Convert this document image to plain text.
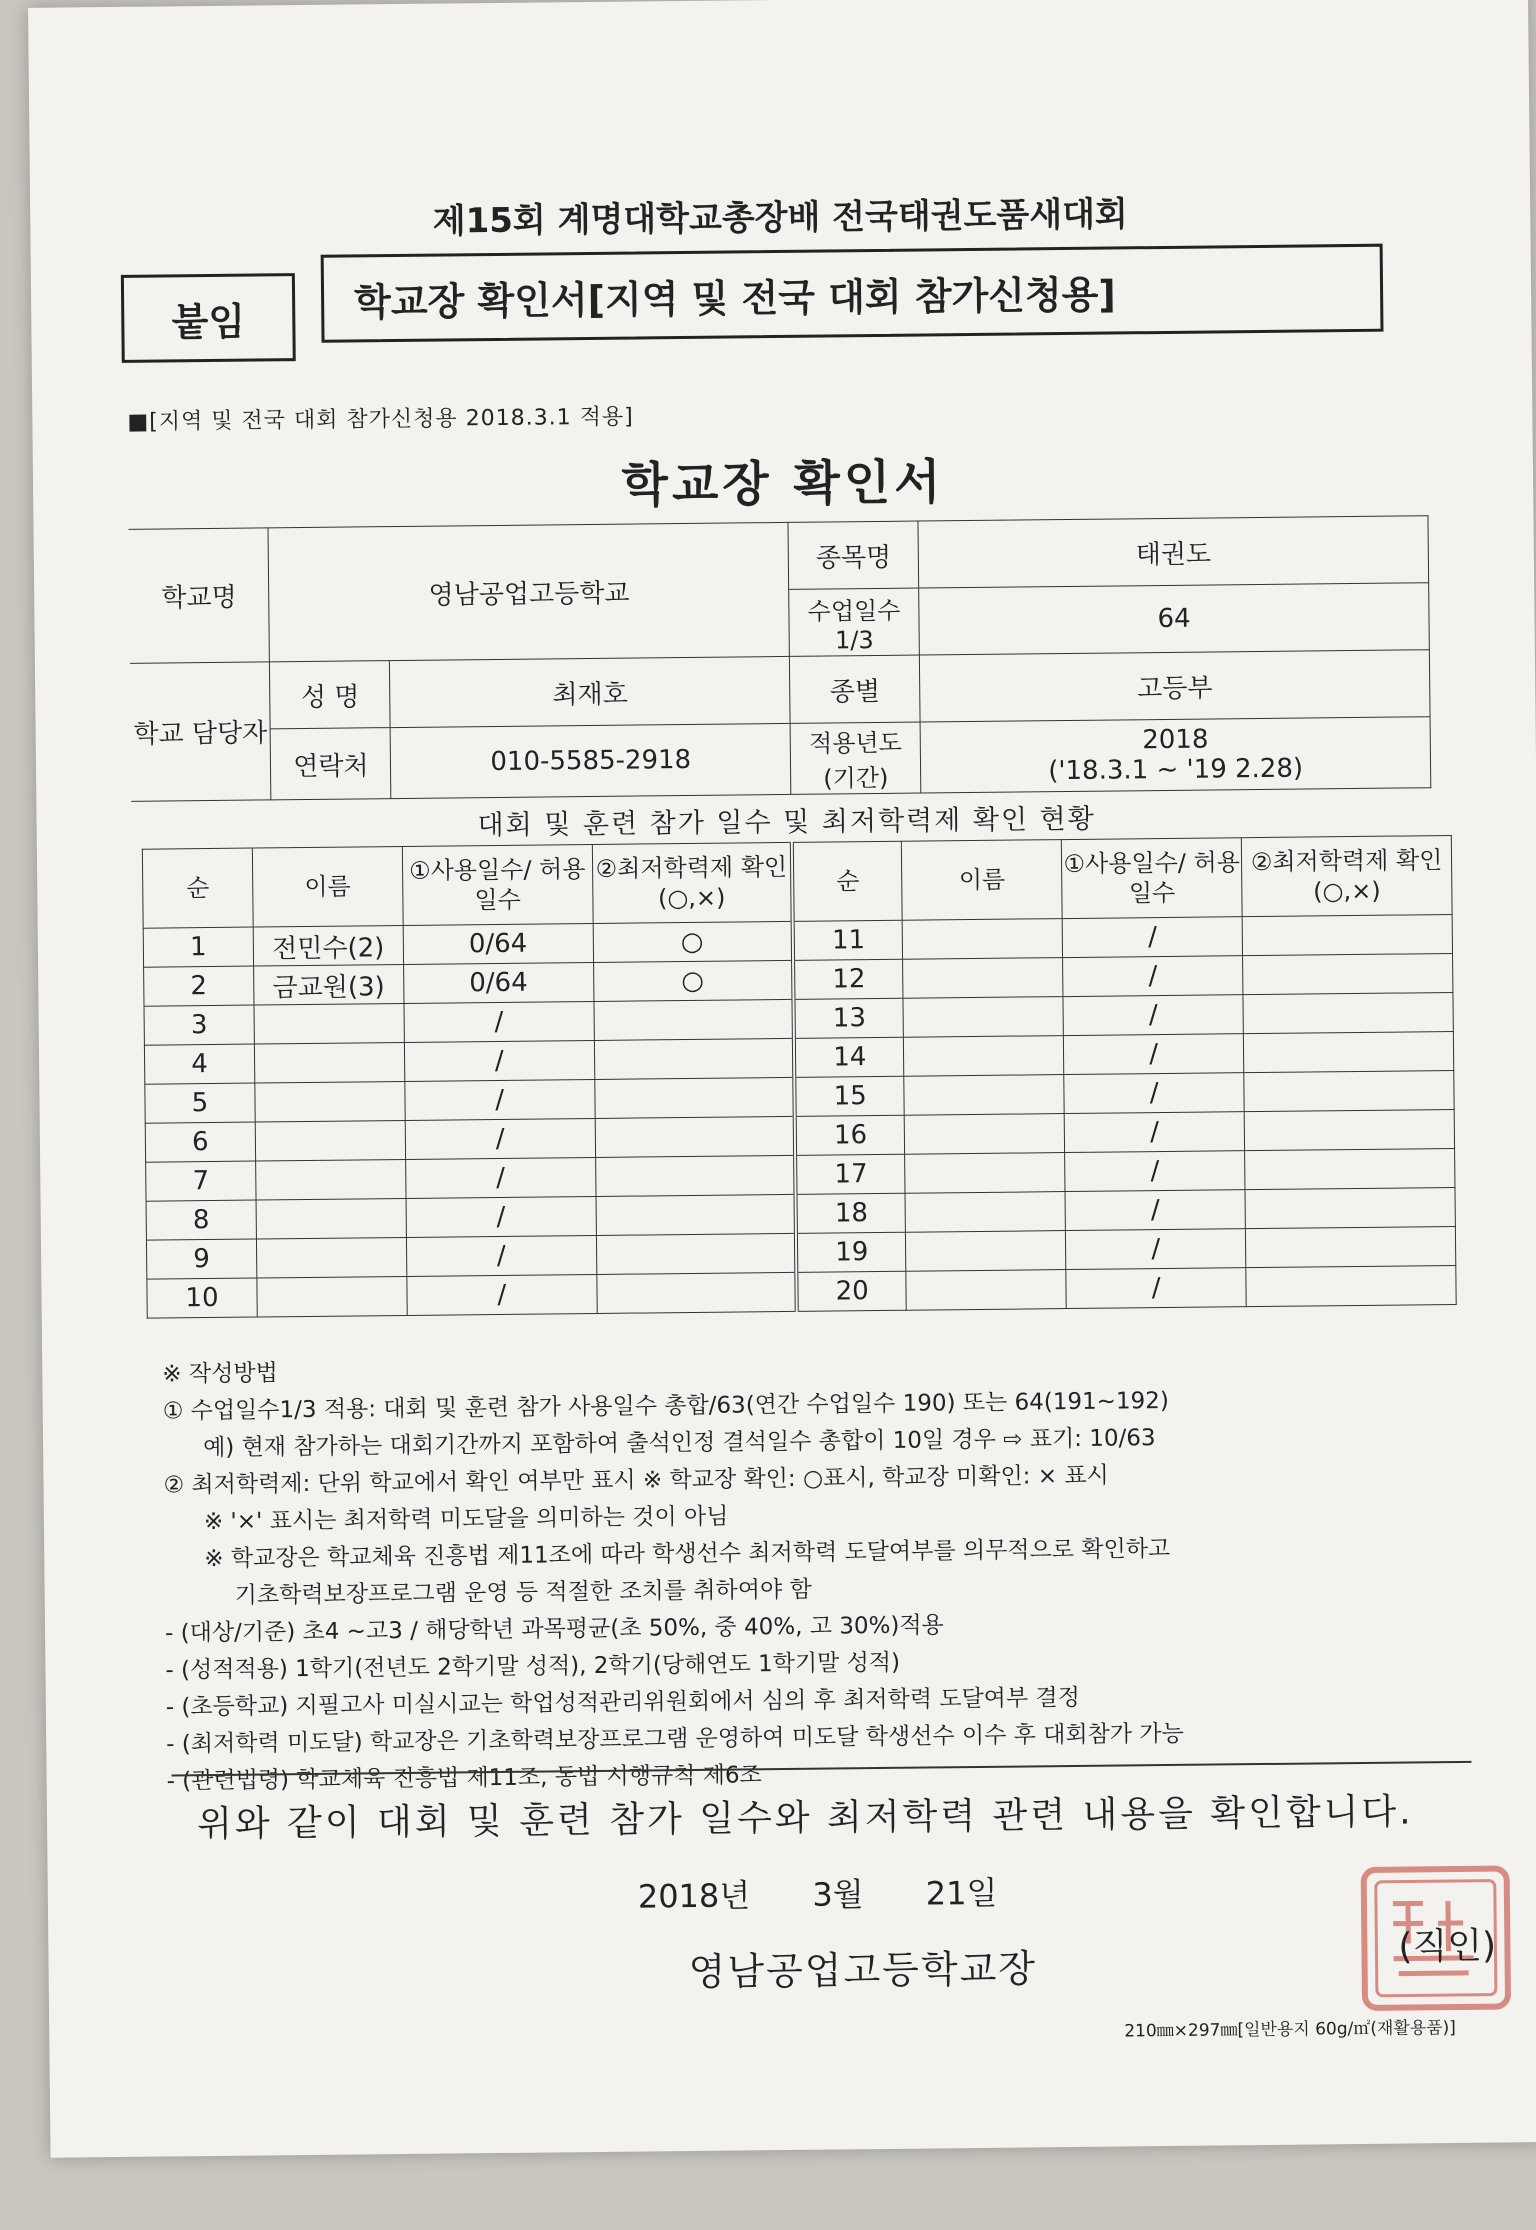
제15회 계명대학교총장배 전국태권도품새대회
붙임	학교장 확인서[지역 및 전국 대회 참가신청용]
■[지역 및 전국 대회 참가신청용 2018.3.1 적용]
학교장 확인서
학교명	영남공업고등학교		종목명	태권도
			수업일수 1/3	64
학교 담당자	성 명	최재호	종별	고등부
	연락처	010-5585-2918	적용년도 (기간)	2018
('18.3.1 ~ '19 2.28)
대회 및 훈련 참가 일수 및 최저학력제 확인 현황
순	이름	①사용일수/ 허용일수	②최저학력제 확인(○,×)	순	이름	①사용일수/ 허용일수	②최저학력제 확인(○,×)
1	전민수(2)	0/64	○	11		/	
2	금교원(3)	0/64	○	12		/	
3		/		13		/	
4		/		14		/	
5		/		15		/	
6		/		16		/	
7		/		17		/	
8		/		18		/	
9		/		19		/	
10		/		20		/	

※ 작성방법

① 수업일수1/3 적용: 대회 및 훈련 참가 사용일수 총합/63(연간 수업일수 190) 또는 64(191~192)

예) 현재 참가하는 대회기간까지 포함하여 출석인정 결석일수 총합이 10일 경우 ⇨ 표기: 10/63

② 최저학력제: 단위 학교에서 확인 여부만 표시 ※ 학교장 확인: ○표시, 학교장 미확인: × 표시

※ '×' 표시는 최저학력 미도달을 의미하는 것이 아님

※ 학교장은 학교체육 진흥법 제11조에 따라 학생선수 최저학력 도달여부를 의무적으로 확인하고

기초학력보장프로그램 운영 등 적절한 조치를 취하여야 함

- (대상/기준) 초4 ~고3 / 해당학년 과목평균(초 50%, 중 40%, 고 30%)적용

- (성적적용) 1학기(전년도 2학기말 성적), 2학기(당해연도 1학기말 성적)

- (초등학교) 지필고사 미실시교는 학업성적관리위원회에서 심의 후 최저학력 도달여부 결정

- (최저학력 미도달) 학교장은 기초학력보장프로그램 운영하여 미도달 학생선수 이수 후 대회참가 가능

- (관련법령) 학교체육 진흥법 제11조, 동법 시행규칙 제6조

위와 같이 대회 및 훈련 참가 일수와 최저학력 관련 내용을 확인합니다.
2018년 3월 21일
영남공업고등학교장	(직인)
210㎜×297㎜[일반용지 60g/㎡(재활용품)]
